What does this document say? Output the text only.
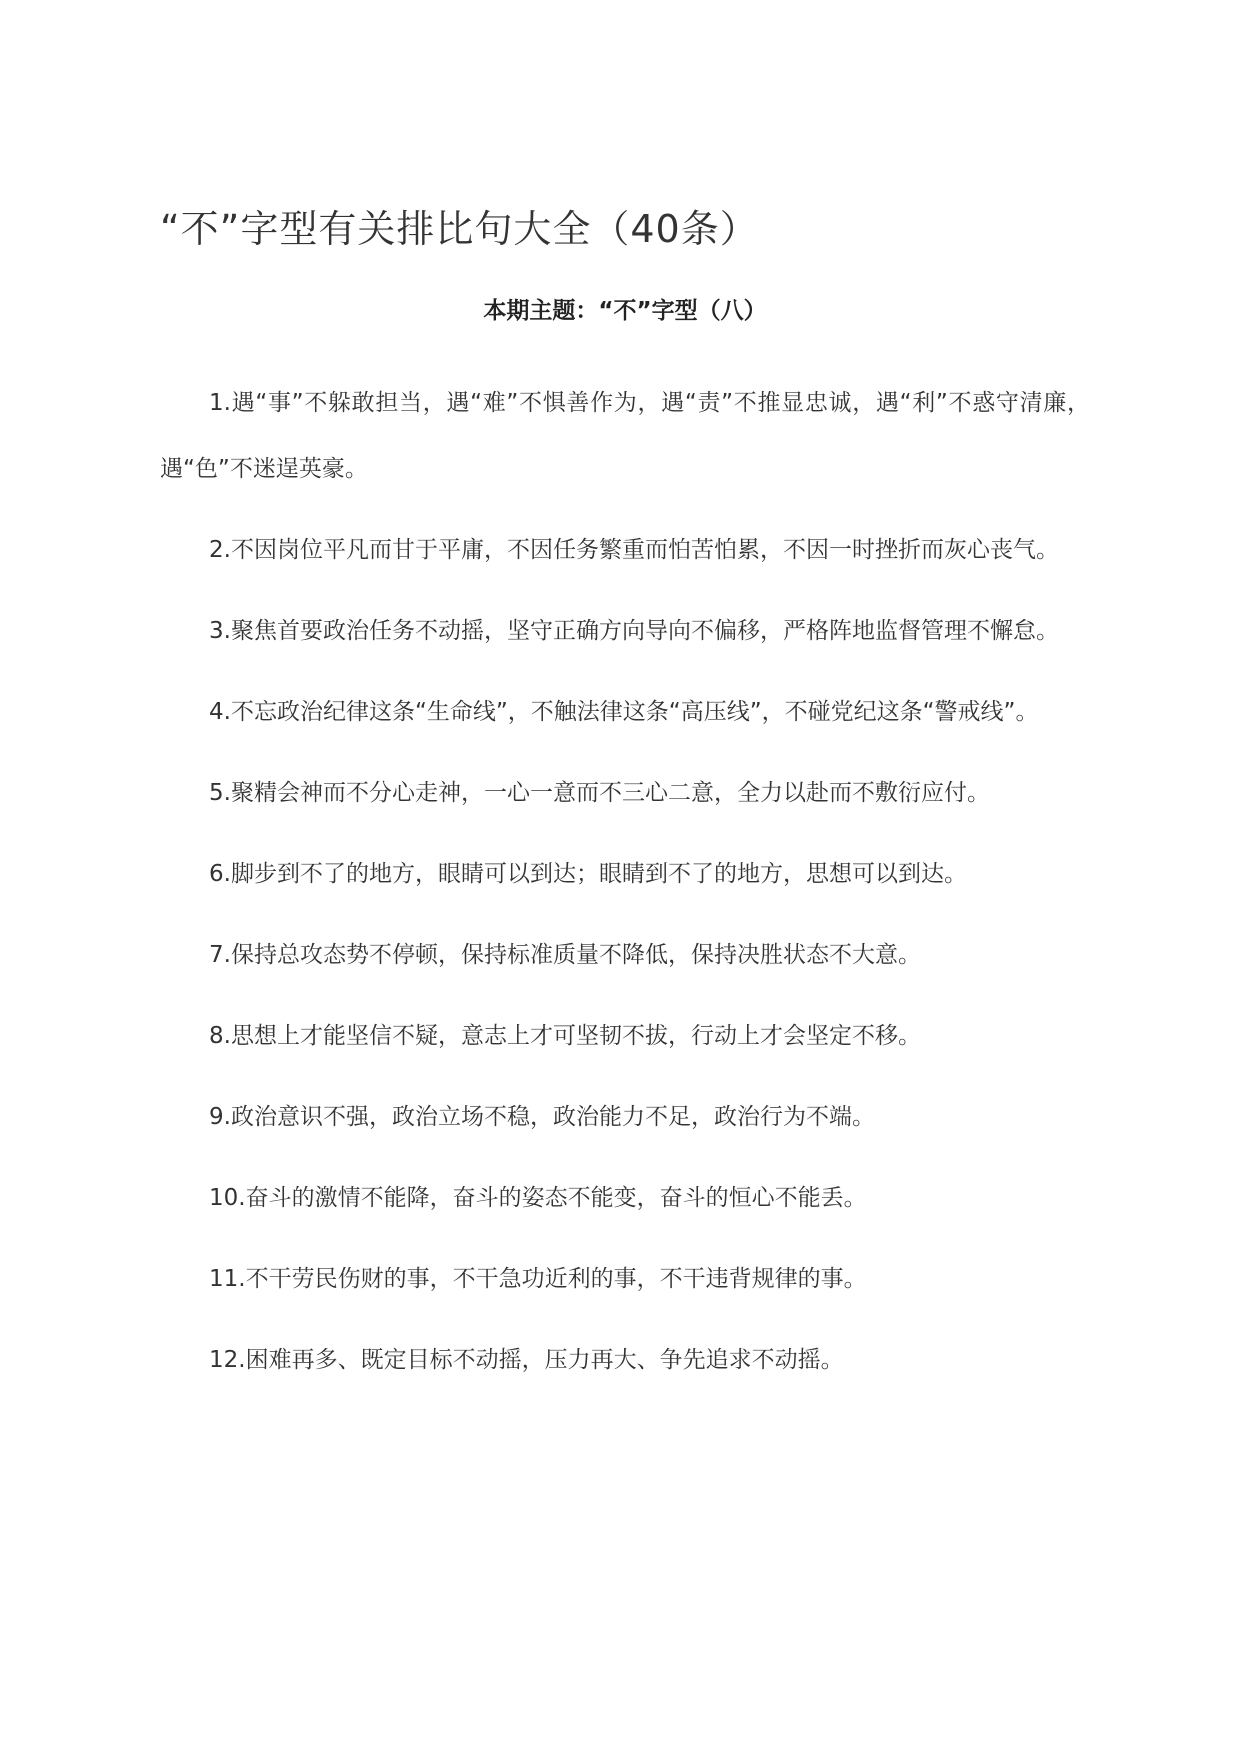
“不”字型有关排比句大全（40条）
本期主题：“不”字型（八）
1.遇“事”不躲敢担当，遇“难”不惧善作为，遇“责”不推显忠诚，遇“利”不惑守清廉，遇“色”不迷逞英豪。
2.不因岗位平凡而甘于平庸，不因任务繁重而怕苦怕累，不因一时挫折而灰心丧气。
3.聚焦首要政治任务不动摇，坚守正确方向导向不偏移，严格阵地监督管理不懈怠。
4.不忘政治纪律这条“生命线”，不触法律这条“高压线”，不碰党纪这条“警戒线”。
5.聚精会神而不分心走神，一心一意而不三心二意，全力以赴而不敷衍应付。
6.脚步到不了的地方，眼睛可以到达；眼睛到不了的地方，思想可以到达。
7.保持总攻态势不停顿，保持标准质量不降低，保持决胜状态不大意。
8.思想上才能坚信不疑，意志上才可坚韧不拔，行动上才会坚定不移。
9.政治意识不强，政治立场不稳，政治能力不足，政治行为不端。
10.奋斗的激情不能降，奋斗的姿态不能变，奋斗的恒心不能丢。
11.不干劳民伤财的事，不干急功近利的事，不干违背规律的事。
12.困难再多、既定目标不动摇，压力再大、争先追求不动摇。
